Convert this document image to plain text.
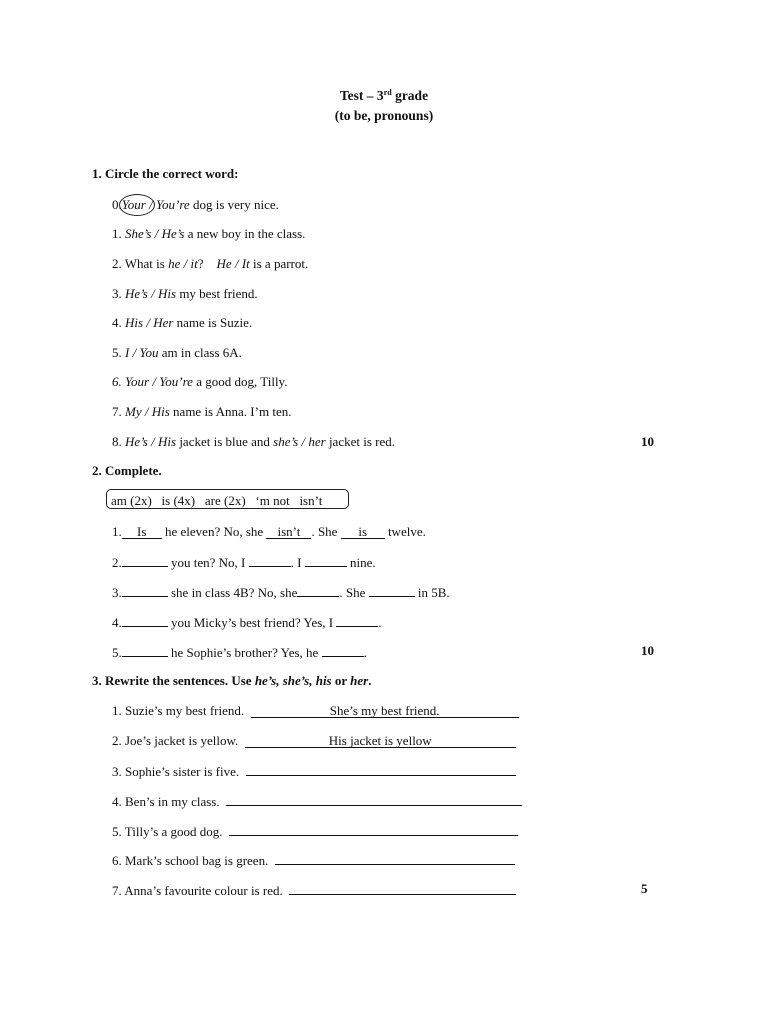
Test – 3rd grade
(to be, pronouns)
1. Circle the correct word:
0.Your / You’re dog is very nice.
1. She’s / He’s a new boy in the class.
2. What is he / it?    He / It is a parrot.
3. He’s / His my best friend.
4. His / Her name is Suzie.
5. I / You am in class 6A.
6. Your / You’re a good dog, Tilly.
7. My / His name is Anna. I’m ten.
8. He’s / His jacket is blue and she’s / her jacket is red.	10
2. Complete.
am (2x)   is (4x)   are (2x)   ‘m not   isn’t
1. Is he eleven? No, she isn’t . She is twelve.
2.	you ten? No, I	. I	nine.
3.	she in class 4B? No, she	. She	in 5B.
4.	you Micky’s best friend? Yes, I	.
5.	he Sophie’s brother? Yes, he	.	10
3. Rewrite the sentences. Use he’s, she’s, his or her.
1. Suzie’s my best friend.	She’s my best friend.
2. Joe’s jacket is yellow.	His jacket is yellow
3. Sophie’s sister is five.
4. Ben’s in my class.
5. Tilly’s a good dog.
6. Mark’s school bag is green.
7. Anna’s favourite colour is red.	5
